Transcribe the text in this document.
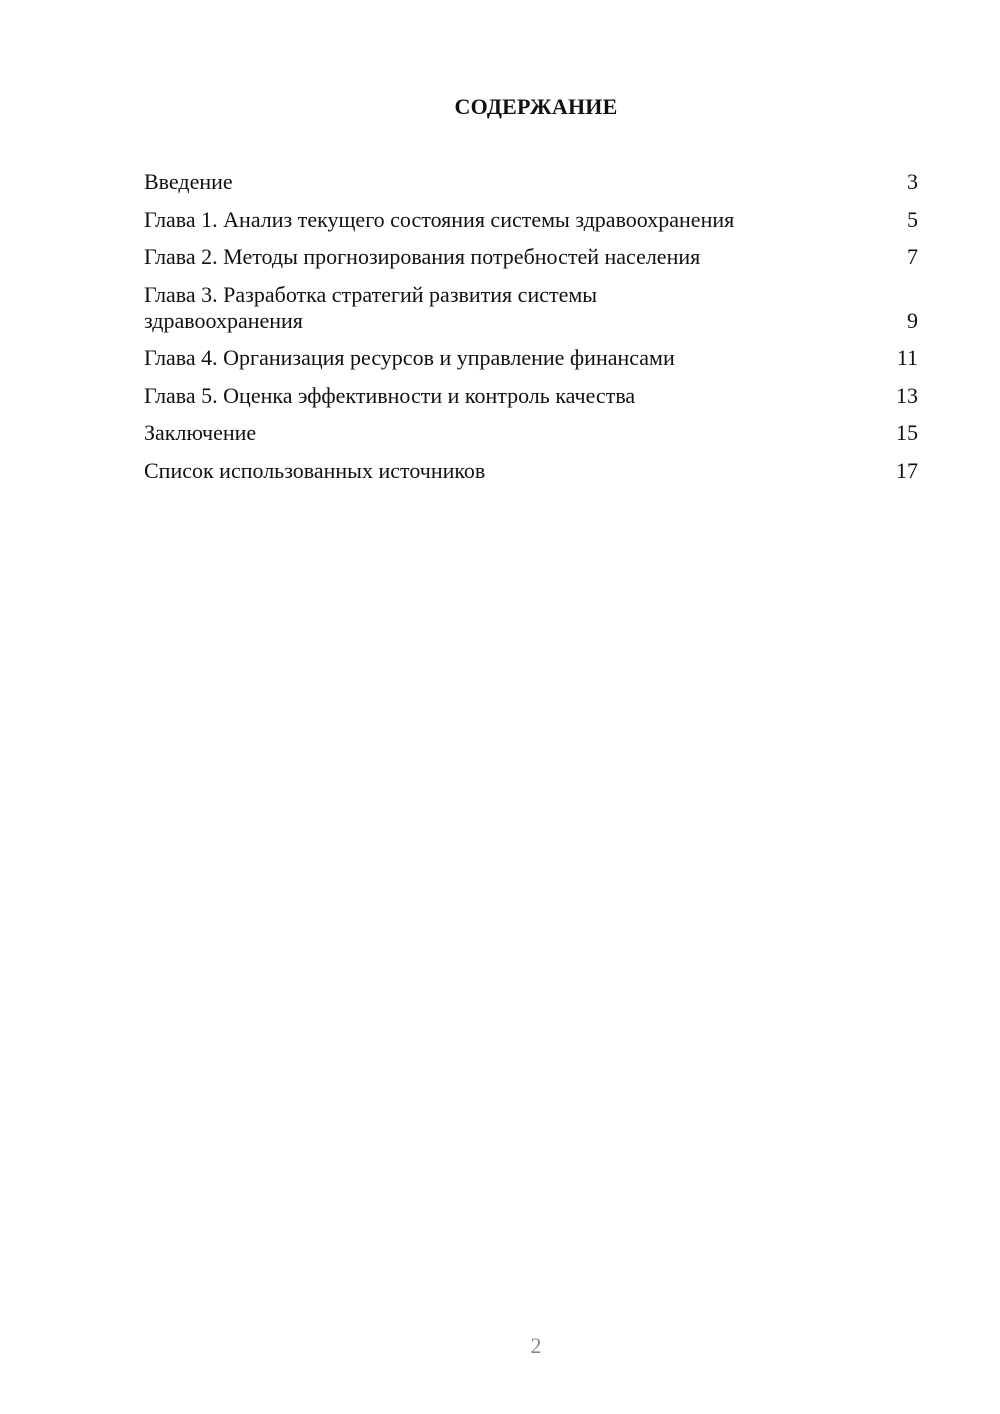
СОДЕРЖАНИЕ
Введение	3
Глава 1. Анализ текущего состояния системы здравоохранения	5
Глава 2. Методы прогнозирования потребностей населения	7
Глава 3. Разработка стратегий развития системы здравоохранения	9
Глава 4. Организация ресурсов и управление финансами	11
Глава 5. Оценка эффективности и контроль качества	13
Заключение	15
Список использованных источников	17
2
